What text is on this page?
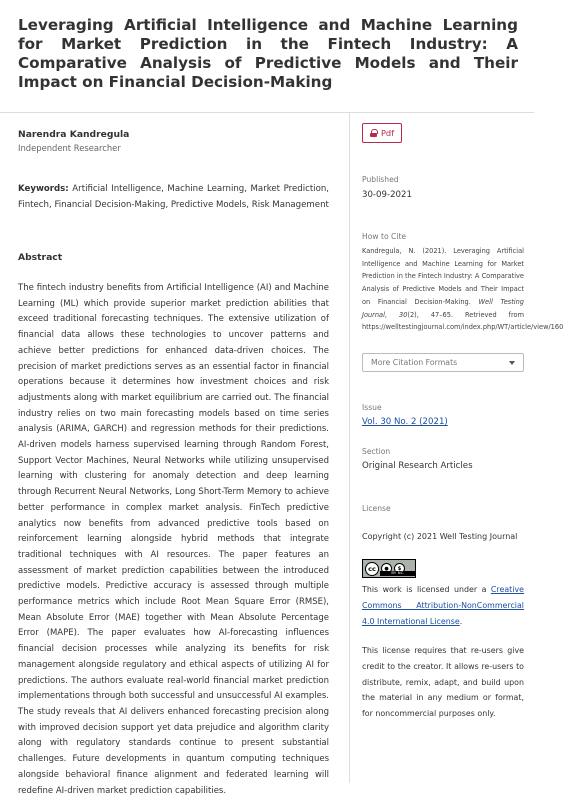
Leveraging Artificial Intelligence and Machine Learning for Market Prediction in the Fintech Industry: A Comparative Analysis of Predictive Models and Their Impact on Financial Decision-Making
Narendra Kandregula
Independent Researcher
Keywords: Artificial Intelligence, Machine Learning, Market Prediction, Fintech, Financial Decision-Making, Predictive Models, Risk Management
Abstract
The fintech industry benefits from Artificial Intelligence (AI) and Machine Learning (ML) which provide superior market prediction abilities that exceed traditional forecasting techniques. The extensive utilization of financial data allows these technologies to uncover patterns and achieve better predictions for enhanced data-driven choices. The precision of market predictions serves as an essential factor in financial operations because it determines how investment choices and risk adjustments along with market equilibrium are carried out. The financial industry relies on two main forecasting models based on time series analysis (ARIMA, GARCH) and regression methods for their predictions. AI-driven models harness supervised learning through Random Forest, Support Vector Machines, Neural Networks while utilizing unsupervised learning with clustering for anomaly detection and deep learning through Recurrent Neural Networks, Long Short-Term Memory to achieve better performance in complex market analysis. FinTech predictive analytics now benefits from advanced predictive tools based on reinforcement learning alongside hybrid methods that integrate traditional techniques with AI resources. The paper features an assessment of market prediction capabilities between the introduced predictive models. Predictive accuracy is assessed through multiple performance metrics which include Root Mean Square Error (RMSE), Mean Absolute Error (MAE) together with Mean Absolute Percentage Error (MAPE). The paper evaluates how AI-forecasting influences financial decision processes while analyzing its benefits for risk management alongside regulatory and ethical aspects of utilizing AI for predictions. The authors evaluate real-world financial market prediction implementations through both successful and unsuccessful AI examples. The study reveals that AI delivers enhanced forecasting precision along with improved decision support yet data prejudice and algorithm clarity along with regulatory standards continue to present substantial challenges. Future developments in quantum computing techniques alongside behavioral finance alignment and federated learning will redefine AI-driven market prediction capabilities.
Pdf
Published
30-09-2021
How to Cite
Kandregula, N. (2021). Leveraging Artificial Intelligence and Machine Learning for Market Prediction in the Fintech Industry: A Comparative Analysis of Predictive Models and Their Impact on Financial Decision-Making. Well Testing Journal, 30(2), 47–65. Retrieved from https://welltestingjournal.com/index.php/WT/article/view/160
More Citation Formats
Issue
Vol. 30 No. 2 (2021)
Section
Original Research Articles
License
Copyright (c) 2021 Well Testing Journal
cc	●	$
BY NC
This work is licensed under a Creative Commons Attribution-NonCommercial 4.0 International License.
This license requires that re-users give credit to the creator. It allows re-users to distribute, remix, adapt, and build upon the material in any medium or format, for noncommercial purposes only.
